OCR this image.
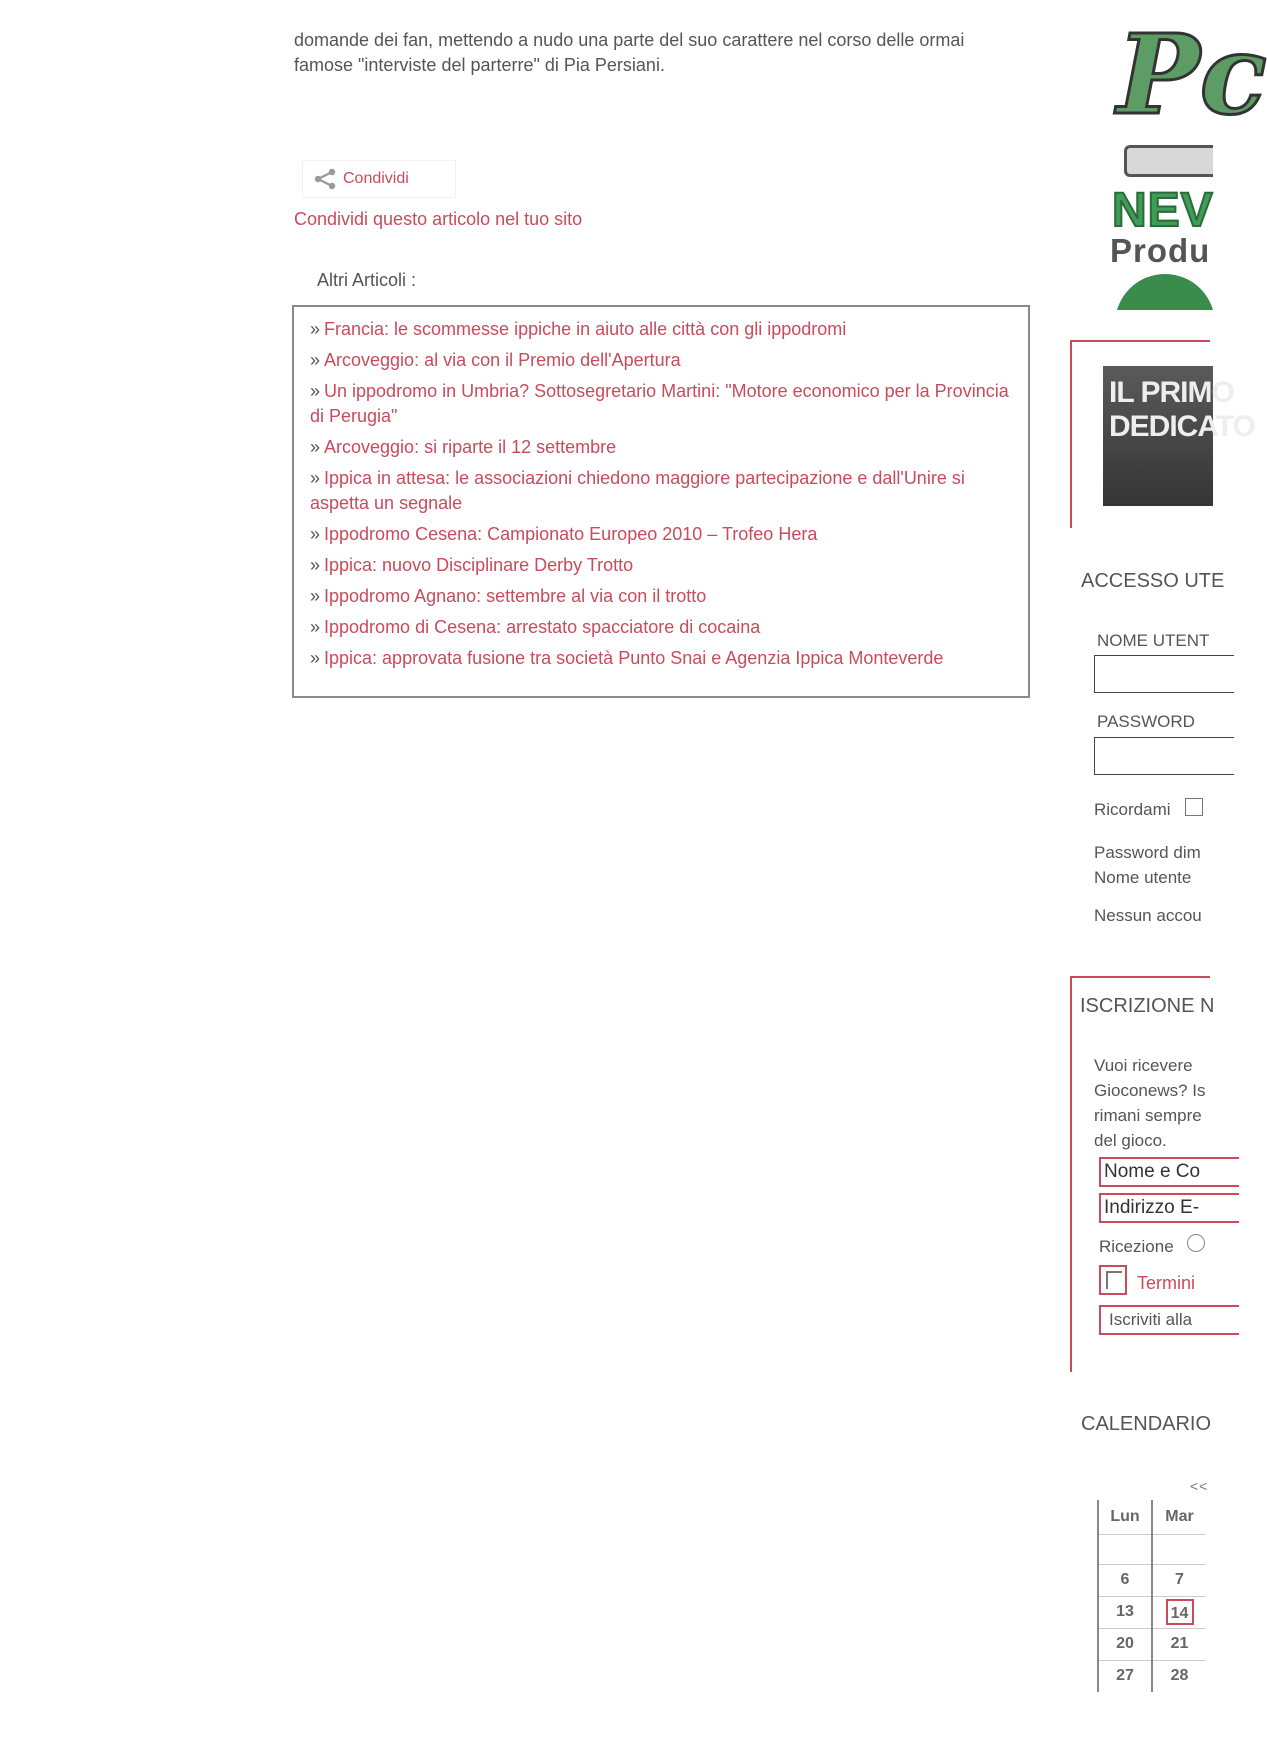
domande dei fan, mettendo a nudo una parte del suo carattere nel corso delle ormai
famose "interviste del parterre" di Pia Persiani.
Condividi
Condividi questo articolo nel tuo sito
Altri Articoli :
» Francia: le scommesse ippiche in aiuto alle città con gli ippodromi
» Arcoveggio: al via con il Premio dell'Apertura
» Un ippodromo in Umbria? Sottosegretario Martini: "Motore economico per la Provincia di Perugia"
» Arcoveggio: si riparte il 12 settembre
» Ippica in attesa: le associazioni chiedono maggiore partecipazione e dall'Unire si aspetta un segnale
» Ippodromo Cesena: Campionato Europeo 2010 – Trofeo Hera
» Ippica: nuovo Disciplinare Derby Trotto
» Ippodromo Agnano: settembre al via con il trotto
» Ippodromo di Cesena: arrestato spacciatore di cocaina
» Ippica: approvata fusione tra società Punto Snai e Agenzia Ippica Monteverde
Pc
NEV
Produ
IL PRIMO
DEDICATO
ACCESSO UTE
NOME UTENT
PASSWORD
Ricordami
Password dim
Nome utente
Nessun accou
ISCRIZIONE N
Vuoi ricevere
Gioconews? Is
rimani sempre
del gioco.
Nome e Co
Indirizzo E-
Ricezione
Termini
Iscriviti alla
CALENDARIO
<<
Lun	Mar

6	7
13	14
20	21
27	28
